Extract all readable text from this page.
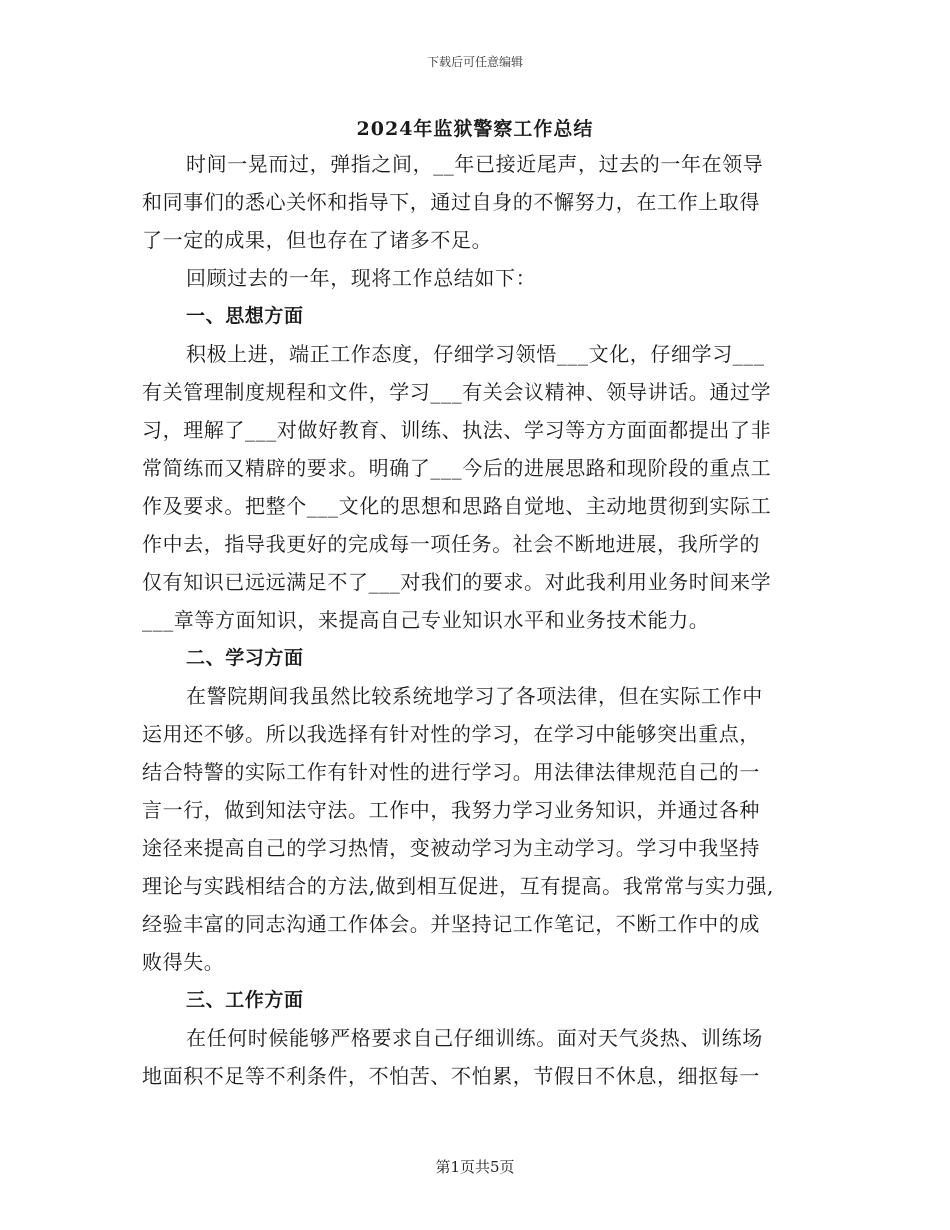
下载后可任意编辑
2024年监狱警察工作总结
时间一晃而过，弹指之间，__年已接近尾声，过去的一年在领导
和同事们的悉心关怀和指导下，通过自身的不懈努力，在工作上取得
了一定的成果，但也存在了诸多不足。
回顾过去的一年，现将工作总结如下：
一、思想方面
积极上进，端正工作态度，仔细学习领悟___文化，仔细学习___
有关管理制度规程和文件，学习___有关会议精神、领导讲话。通过学
习，理解了___对做好教育、训练、执法、学习等方方面面都提出了非
常简练而又精辟的要求。明确了___今后的进展思路和现阶段的重点工
作及要求。把整个___文化的思想和思路自觉地、主动地贯彻到实际工
作中去，指导我更好的完成每一项任务。社会不断地进展，我所学的
仅有知识已远远满足不了___对我们的要求。对此我利用业务时间来学
___章等方面知识，来提高自己专业知识水平和业务技术能力。
二、学习方面
在警院期间我虽然比较系统地学习了各项法律，但在实际工作中
运用还不够。所以我选择有针对性的学习，在学习中能够突出重点，
结合特警的实际工作有针对性的进行学习。用法律法律规范自己的一
言一行，做到知法守法。工作中，我努力学习业务知识，并通过各种
途径来提高自己的学习热情，变被动学习为主动学习。学习中我坚持
理论与实践相结合的方法,做到相互促进，互有提高。我常常与实力强,
经验丰富的同志沟通工作体会。并坚持记工作笔记，不断工作中的成
败得失。
三、工作方面
在任何时候能够严格要求自己仔细训练。面对天气炎热、训练场
地面积不足等不利条件，不怕苦、不怕累，节假日不休息，细抠每一
第1页共5页
